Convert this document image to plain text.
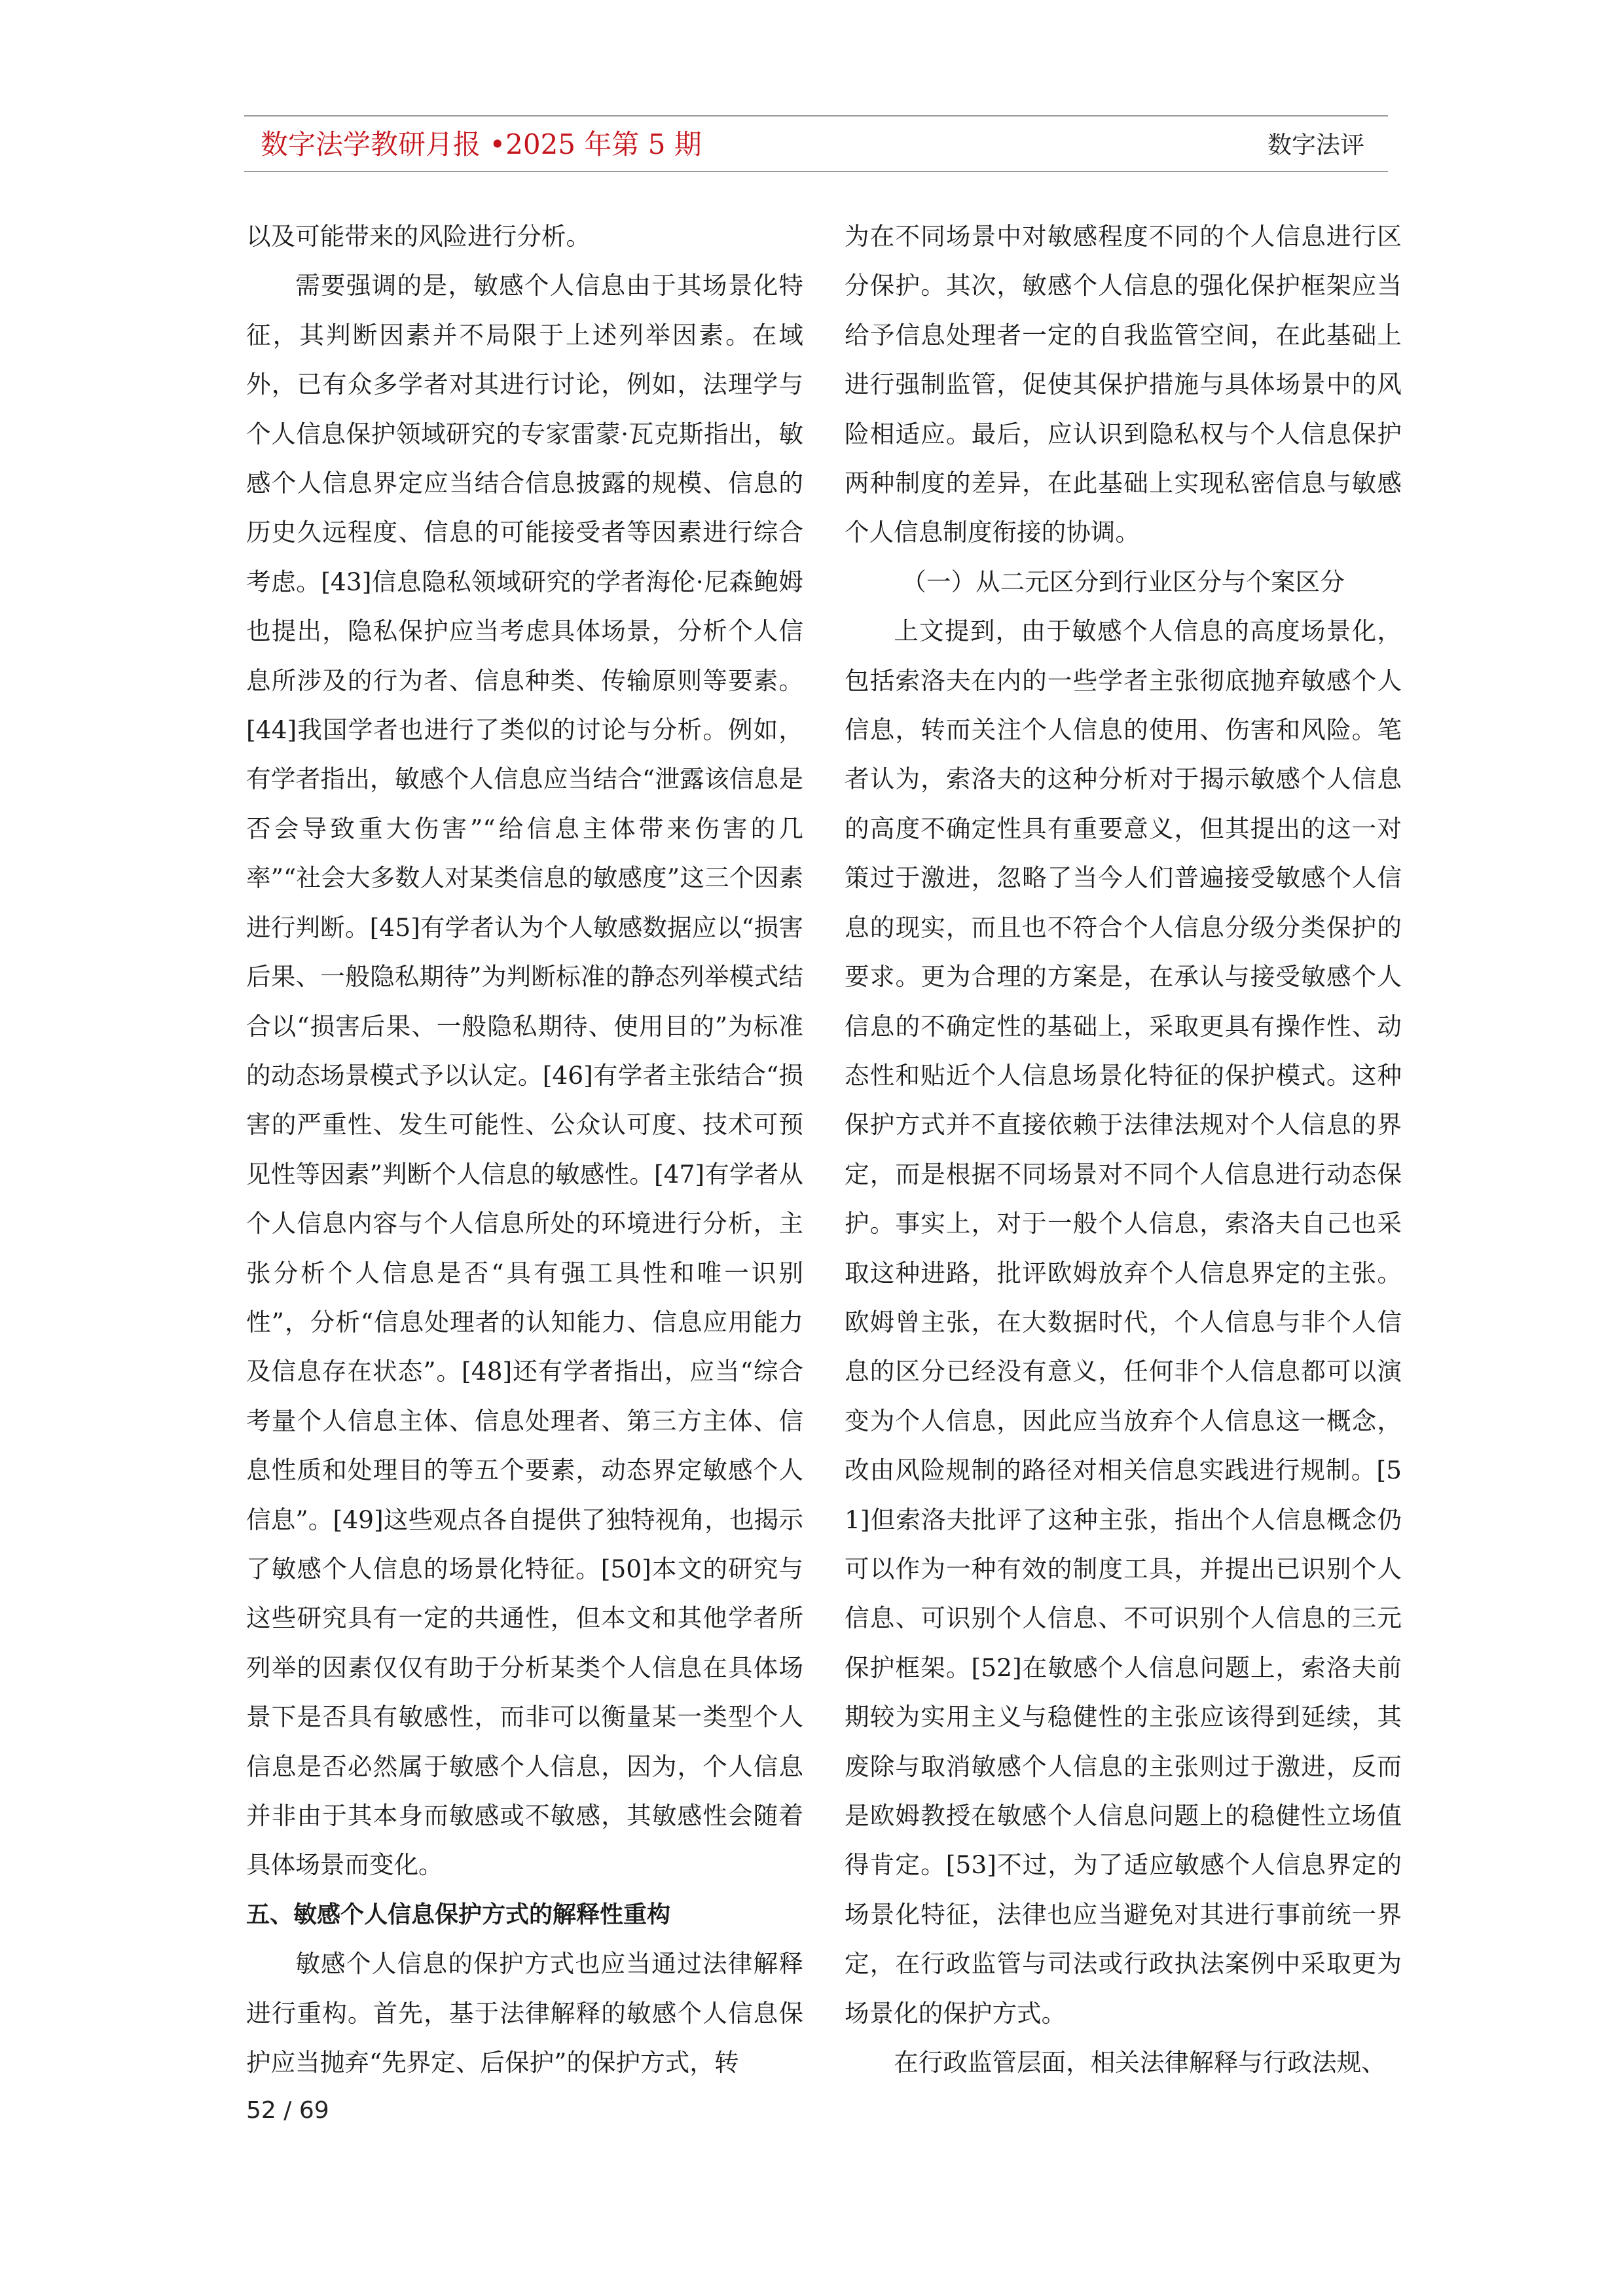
数字法学教研月报 •2025 年第 5 期	数字法评

以及可能带来的风险进行分析。

需要强调的是，敏感个人信息由于其场景化特征，其判断因素并不局限于上述列举因素。在域外，已有众多学者对其进行讨论，例如，法理学与个人信息保护领域研究的专家雷蒙·瓦克斯指出，敏感个人信息界定应当结合信息披露的规模、信息的历史久远程度、信息的可能接受者等因素进行综合考虑。[43]信息隐私领域研究的学者海伦·尼森鲍姆也提出，隐私保护应当考虑具体场景，分析个人信息所涉及的行为者、信息种类、传输原则等要素。[44]我国学者也进行了类似的讨论与分析。例如，有学者指出，敏感个人信息应当结合“泄露该信息是否会导致重大伤害”“给信息主体带来伤害的几率”“社会大多数人对某类信息的敏感度”这三个因素进行判断。[45]有学者认为个人敏感数据应以“损害后果、一般隐私期待”为判断标准的静态列举模式结合以“损害后果、一般隐私期待、使用目的”为标准的动态场景模式予以认定。[46]有学者主张结合“损害的严重性、发生可能性、公众认可度、技术可预见性等因素”判断个人信息的敏感性。[47]有学者从个人信息内容与个人信息所处的环境进行分析，主张分析个人信息是否“具有强工具性和唯一识别性”，分析“信息处理者的认知能力、信息应用能力及信息存在状态”。[48]还有学者指出，应当“综合考量个人信息主体、信息处理者、第三方主体、信息性质和处理目的等五个要素，动态界定敏感个人信息”。[49]这些观点各自提供了独特视角，也揭示了敏感个人信息的场景化特征。[50]本文的研究与这些研究具有一定的共通性，但本文和其他学者所列举的因素仅仅有助于分析某类个人信息在具体场景下是否具有敏感性，而非可以衡量某一类型个人信息是否必然属于敏感个人信息，因为，个人信息并非由于其本身而敏感或不敏感，其敏感性会随着具体场景而变化。

五、敏感个人信息保护方式的解释性重构

敏感个人信息的保护方式也应当通过法律解释进行重构。首先，基于法律解释的敏感个人信息保护应当抛弃“先界定、后保护”的保护方式，转

为在不同场景中对敏感程度不同的个人信息进行区分保护。其次，敏感个人信息的强化保护框架应当给予信息处理者一定的自我监管空间，在此基础上进行强制监管，促使其保护措施与具体场景中的风险相适应。最后，应认识到隐私权与个人信息保护两种制度的差异，在此基础上实现私密信息与敏感个人信息制度衔接的协调。

（一）从二元区分到行业区分与个案区分

上文提到，由于敏感个人信息的高度场景化，包括索洛夫在内的一些学者主张彻底抛弃敏感个人信息，转而关注个人信息的使用、伤害和风险。笔者认为，索洛夫的这种分析对于揭示敏感个人信息的高度不确定性具有重要意义，但其提出的这一对策过于激进，忽略了当今人们普遍接受敏感个人信息的现实，而且也不符合个人信息分级分类保护的要求。更为合理的方案是，在承认与接受敏感个人信息的不确定性的基础上，采取更具有操作性、动态性和贴近个人信息场景化特征的保护模式。这种保护方式并不直接依赖于法律法规对个人信息的界定，而是根据不同场景对不同个人信息进行动态保护。事实上，对于一般个人信息，索洛夫自己也采取这种进路，批评欧姆放弃个人信息界定的主张。欧姆曾主张，在大数据时代，个人信息与非个人信息的区分已经没有意义，任何非个人信息都可以演变为个人信息，因此应当放弃个人信息这一概念，改由风险规制的路径对相关信息实践进行规制。[51]但索洛夫批评了这种主张，指出个人信息概念仍可以作为一种有效的制度工具，并提出已识别个人信息、可识别个人信息、不可识别个人信息的三元保护框架。[52]在敏感个人信息问题上，索洛夫前期较为实用主义与稳健性的主张应该得到延续，其废除与取消敏感个人信息的主张则过于激进，反而是欧姆教授在敏感个人信息问题上的稳健性立场值得肯定。[53]不过，为了适应敏感个人信息界定的场景化特征，法律也应当避免对其进行事前统一界定，在行政监管与司法或行政执法案例中采取更为场景化的保护方式。

在行政监管层面，相关法律解释与行政法规、

52 / 69
